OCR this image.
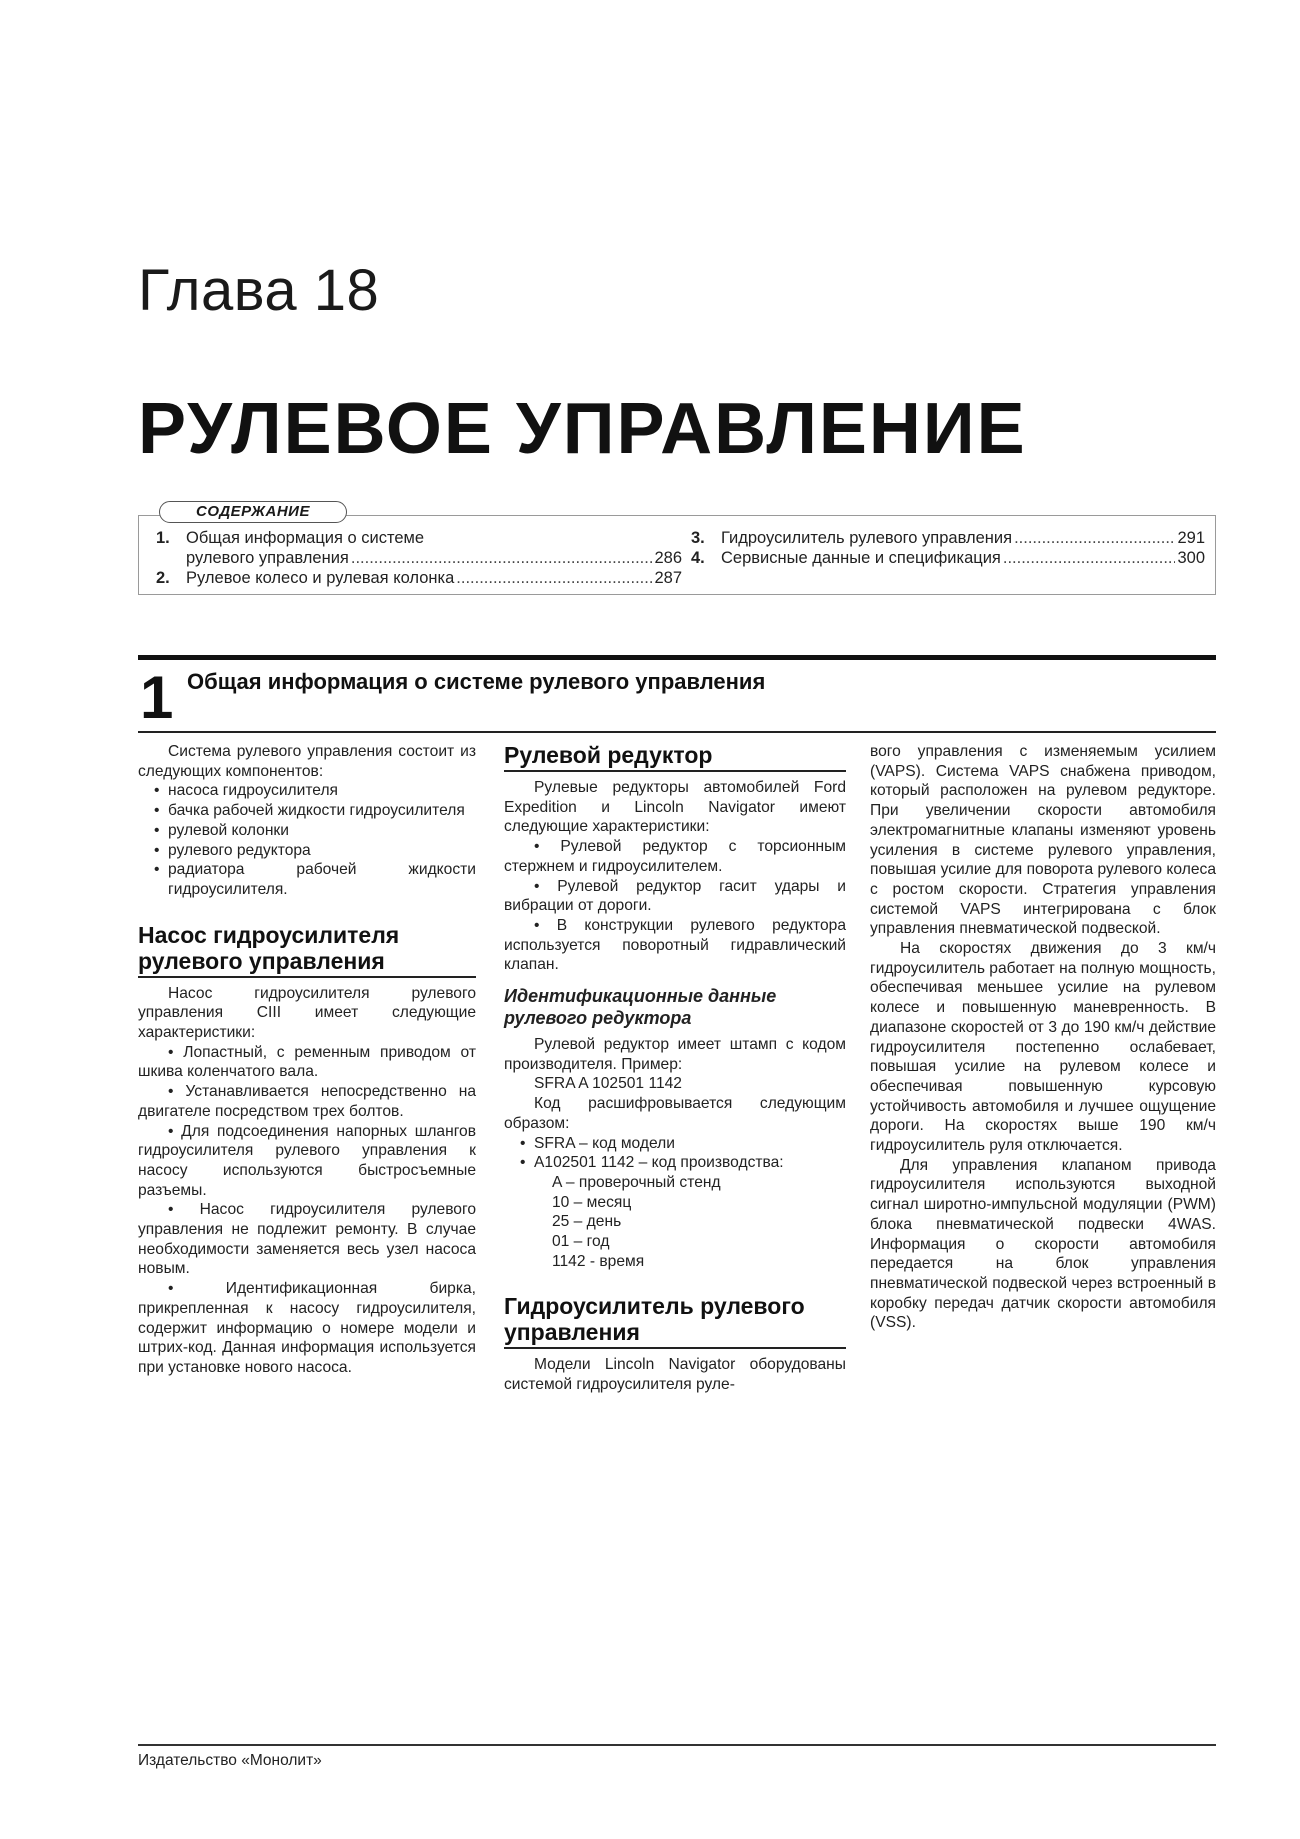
Глава 18
РУЛЕВОЕ УПРАВЛЕНИЕ
СОДЕРЖАНИЕ
1. Общая информация о системе
рулевого управления .....	286
2. Рулевое колесо и рулевая колонка .....	287
3. Гидроусилитель рулевого управления .....	291
4. Сервисные данные и спецификация .....	300
1 Общая информация о системе рулевого управления

Система рулевого управления состоит из следующих компонентов:

• насоса гидроусилителя

• бачка рабочей жидкости гидроусилителя

• рулевой колонки

• рулевого редуктора

• радиатора рабочей жидкости гидроусилителя.

Насос гидроусилителя рулевого управления

Насос гидроусилителя рулевого управления CIII имеет следующие характеристики:

• Лопастный, с ременным приводом от шкива коленчатого вала.

• Устанавливается непосредственно на двигателе посредством трех болтов.

• Для подсоединения напорных шлангов гидроусилителя рулевого управления к насосу используются быстросъемные разъемы.

• Насос гидроусилителя рулевого управления не подлежит ремонту. В случае необходимости заменяется весь узел насоса новым.

• Идентификационная бирка, прикрепленная к насосу гидроусилителя, содержит информацию о номере модели и штрих-код. Данная информация используется при установке нового насоса.

Рулевой редуктор

Рулевые редукторы автомобилей Ford Expedition и Lincoln Navigator имеют следующие характеристики:

• Рулевой редуктор с торсионным стержнем и гидроусилителем.

• Рулевой редуктор гасит удары и вибрации от дороги.

• В конструкции рулевого редуктора используется поворотный гидравлический клапан.

Идентификационные данные рулевого редуктора

Рулевой редуктор имеет штамп с кодом производителя. Пример:

SFRA A 102501 1142

Код расшифровывается следующим образом:

• SFRA – код модели

• A102501 1142 – код производства:

A – проверочный стенд

10 – месяц

25 – день

01 – год

1142 - время

Гидроусилитель рулевого управления

Модели Lincoln Navigator оборудованы системой гидроусилителя руле-

вого управления с изменяемым усилием (VAPS). Система VAPS снабжена приводом, который расположен на рулевом редукторе. При увеличении скорости автомобиля электромагнитные клапаны изменяют уровень усиления в системе рулевого управления, повышая усилие для поворота рулевого колеса с ростом скорости. Стратегия управления системой VAPS интегрирована с блок управления пневматической подвеской.

На скоростях движения до 3 км/ч гидроусилитель работает на полную мощность, обеспечивая меньшее усилие на рулевом колесе и повышенную маневренность. В диапазоне скоростей от 3 до 190 км/ч действие гидроусилителя постепенно ослабевает, повышая усилие на рулевом колесе и обеспечивая повышенную курсовую устойчивость автомобиля и лучшее ощущение дороги. На скоростях выше 190 км/ч гидроусилитель руля отключается.

Для управления клапаном привода гидроусилителя используются выходной сигнал широтно-импульсной модуляции (PWM) блока пневматической подвески 4WAS. Информация о скорости автомобиля передается на блок управления пневматической подвеской через встроенный в коробку передач датчик скорости автомобиля (VSS).

Издательство «Монолит»
